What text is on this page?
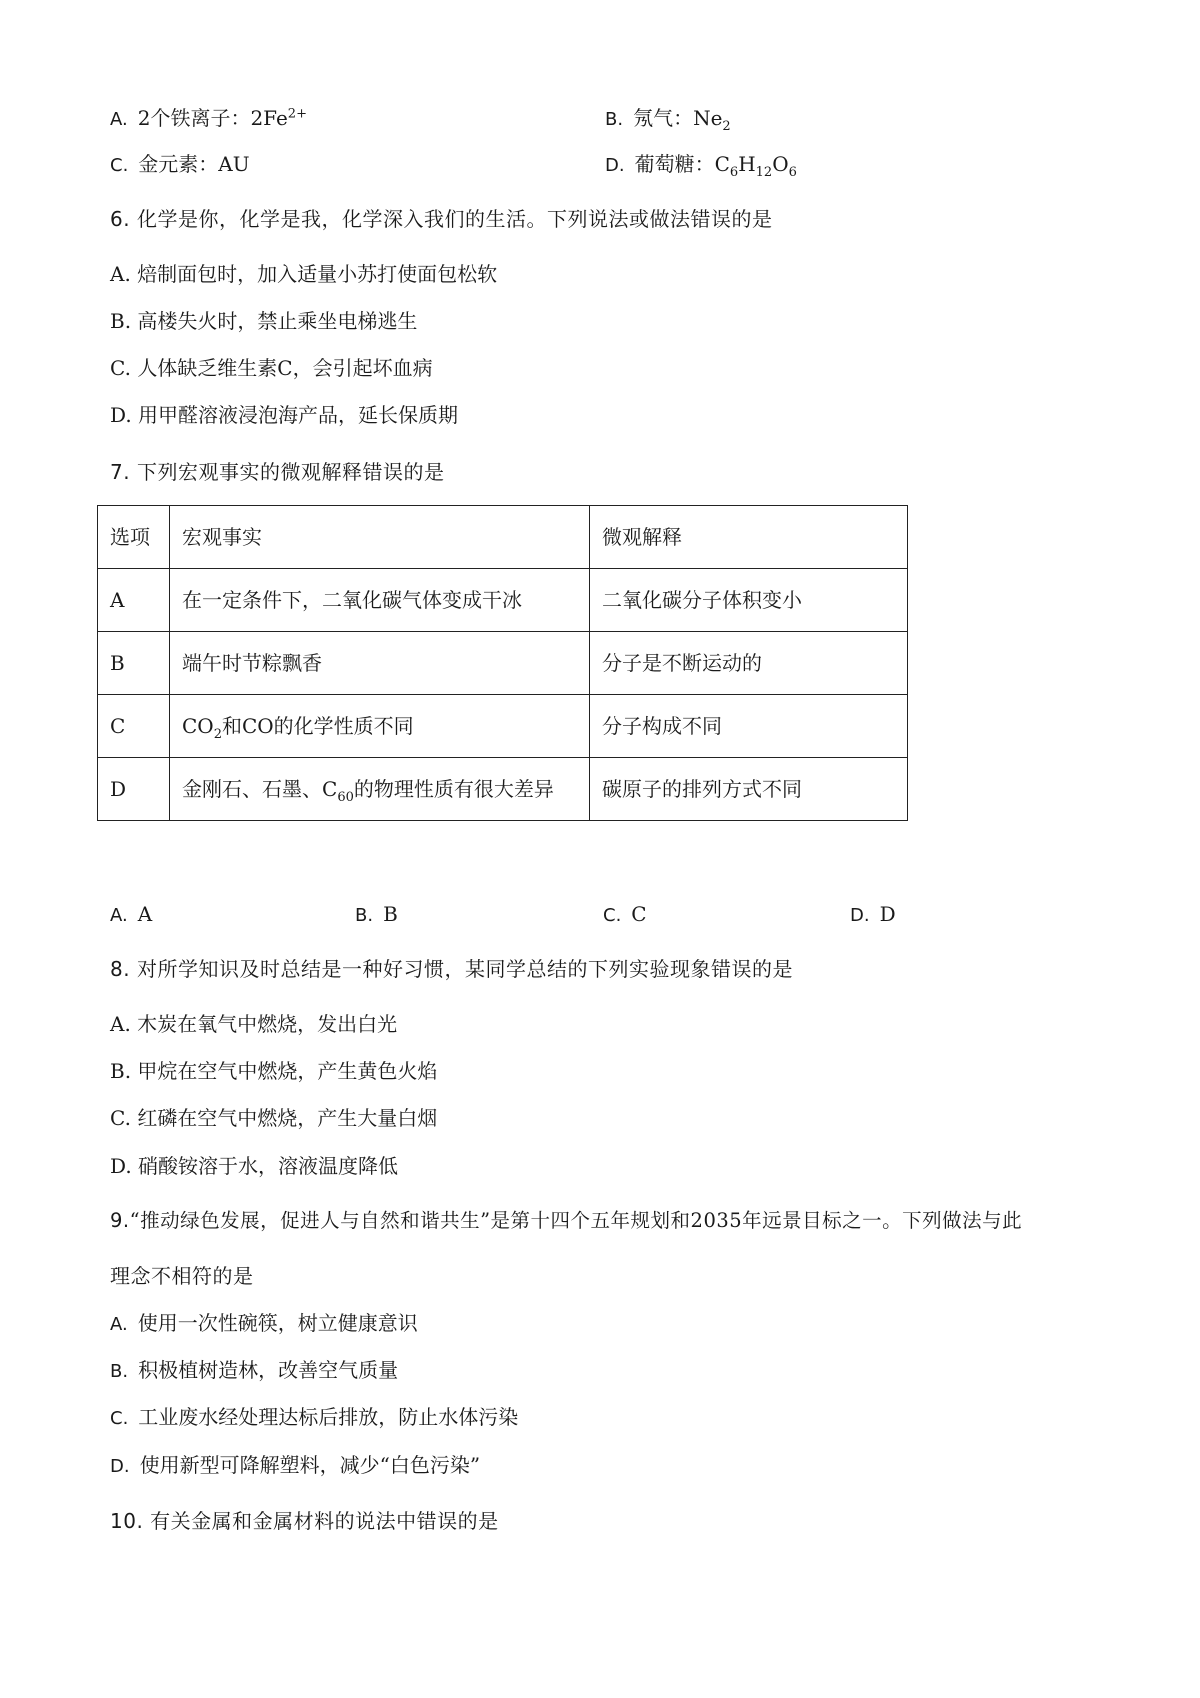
A. 2个铁离子：$2Fe^{2+}$	B. 氖气：$Ne_2$
C. 金元素：AU	D. 葡萄糖：$C_6H_{12}O_6$
6. 化学是你，化学是我，化学深入我们的生活。下列说法或做法错误的是
A. 焙制面包时，加入适量小苏打使面包松软
B. 高楼失火时，禁止乘坐电梯逃生
C. 人体缺乏维生素C，会引起坏血病
D. 用甲醛溶液浸泡海产品，延长保质期
7. 下列宏观事实的微观解释错误的是
选项	宏观事实	微观解释
A	在一定条件下，二氧化碳气体变成干冰	二氧化碳分子体积变小
B	端午时节粽飘香	分子是不断运动的
C	$CO_2$和CO的化学性质不同	分子构成不同
D	金刚石、石墨、$C_{60}$的物理性质有很大差异	碳原子的排列方式不同
A. A	B. B	C. C	D. D
8. 对所学知识及时总结是一种好习惯，某同学总结的下列实验现象错误的是
A. 木炭在氧气中燃烧，发出白光
B. 甲烷在空气中燃烧，产生黄色火焰
C. 红磷在空气中燃烧，产生大量白烟
D. 硝酸铵溶于水，溶液温度降低
9.“推动绿色发展，促进人与自然和谐共生”是第十四个五年规划和2035年远景目标之一。下列做法与此
理念不相符的是
A. 使用一次性碗筷，树立健康意识
B. 积极植树造林，改善空气质量
C. 工业废水经处理达标后排放，防止水体污染
D. 使用新型可降解塑料，减少“白色污染”
10. 有关金属和金属材料的说法中错误的是
